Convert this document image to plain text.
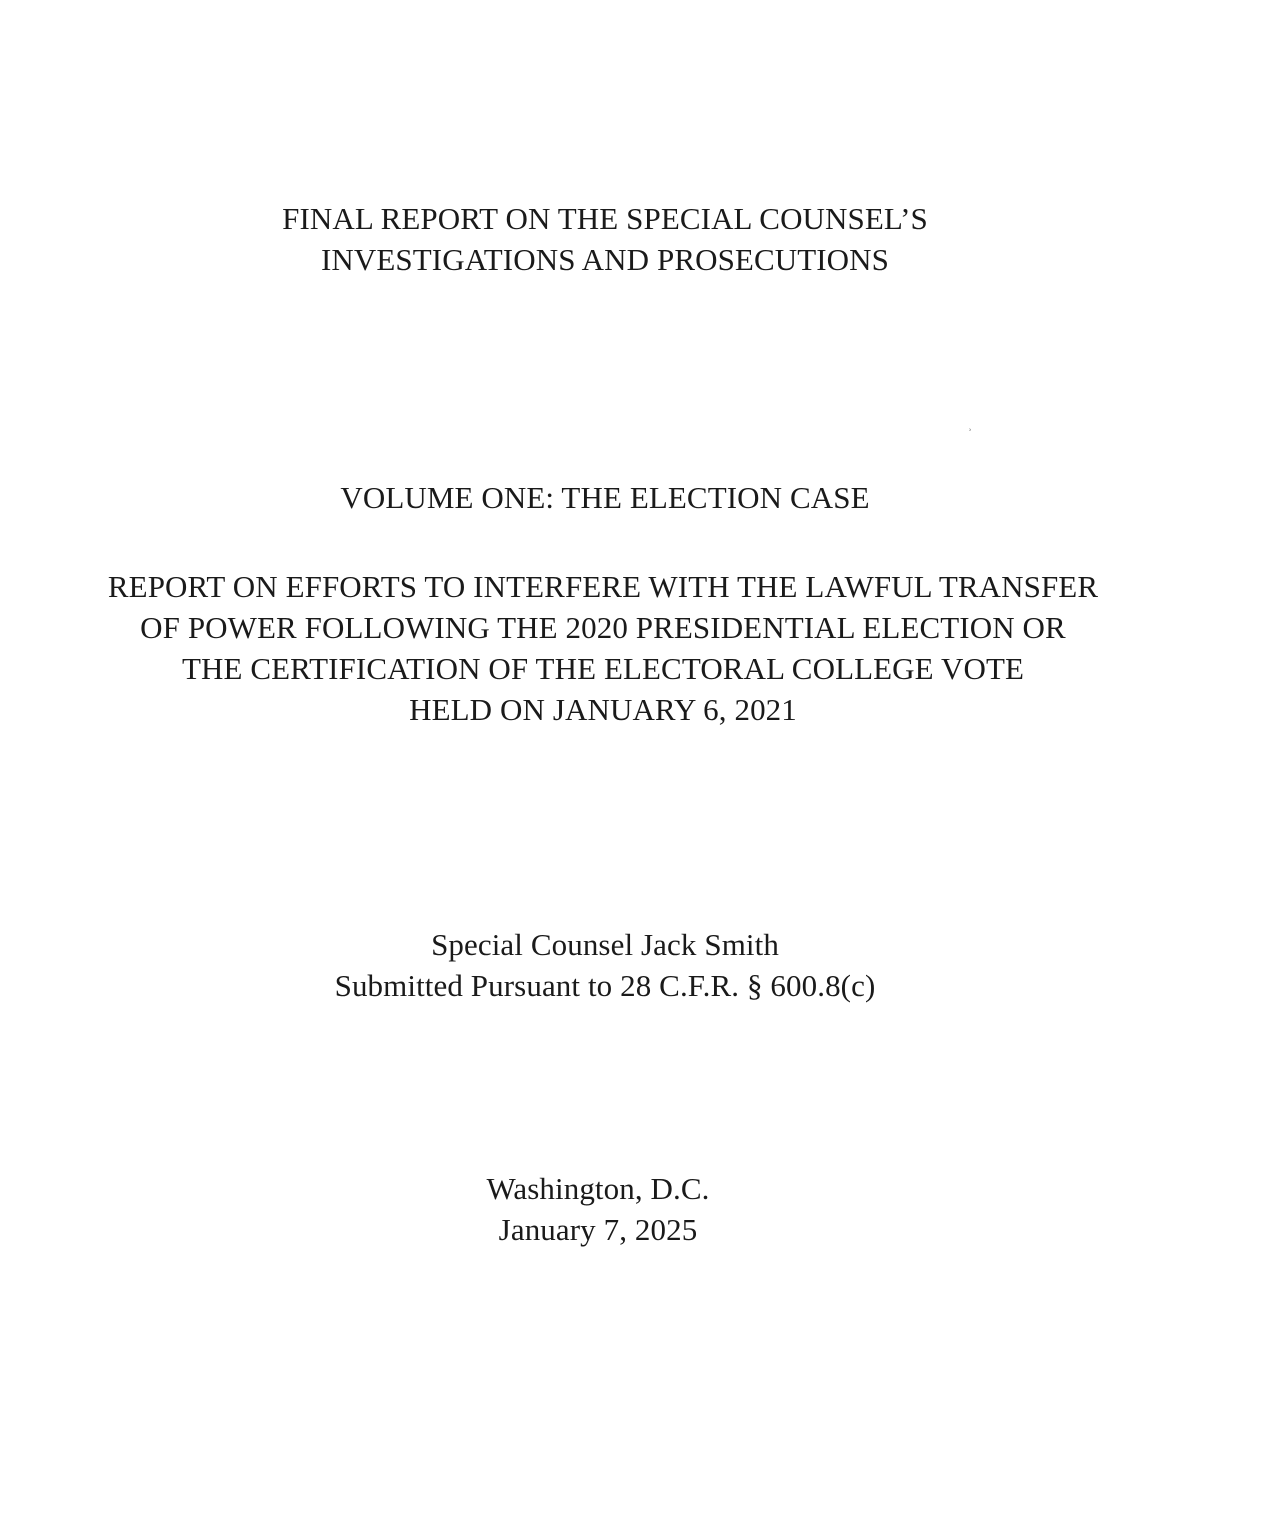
FINAL REPORT ON THE SPECIAL COUNSEL’S
INVESTIGATIONS AND PROSECUTIONS
ʾ
VOLUME ONE: THE ELECTION CASE
REPORT ON EFFORTS TO INTERFERE WITH THE LAWFUL TRANSFER
OF POWER FOLLOWING THE 2020 PRESIDENTIAL ELECTION OR
THE CERTIFICATION OF THE ELECTORAL COLLEGE VOTE
HELD ON JANUARY 6, 2021
Special Counsel Jack Smith
Submitted Pursuant to 28 C.F.R. § 600.8(c)
Washington, D.C.
January 7, 2025
